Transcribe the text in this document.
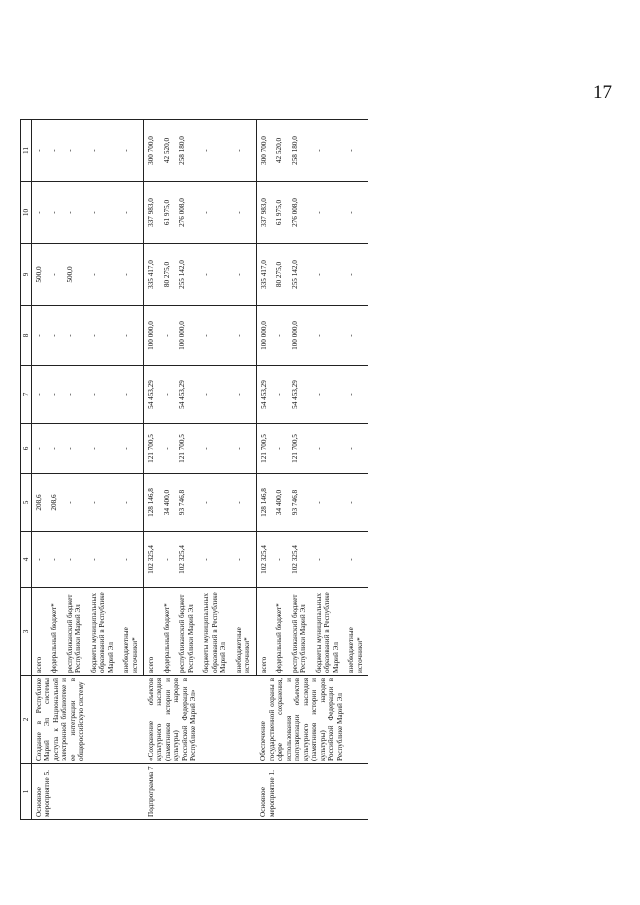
17
1	2	3	4	5	6	7	8	9	10	11
Основное мероприятие 5.	Создание в Республике Марий Эл системы доступа к Национальной электронной библиотеке и ее интеграции в общероссийскую систему	всего	-	208,6	-	-	-	500,0	-	-
		федеральный бюджет*	-	208,6	-	-	-	-	-	-
		республиканский бюджет Республики Марий Эл	-	-	-	-	-	500,0	-	-
		бюджеты муниципальных образований в Республике Марий Эл	-	-	-	-	-	-	-	-
		внебюджетные источники*	-	-	-	-	-	-	-	-
Подпрограмма 7	«Сохранение объектов культурного наследия (памятников истории и культуры) народов Российской Федерации в Республике Марий Эл»	всего	102 325,4	128 146,8	121 700,5	54 453,29	100 000,0	335 417,0	337 983,0	300 700,0
		федеральный бюджет*	-	34 400,0	-	-	-	80 275,0	61 975,0	42 520,0
		республиканский бюджет Республики Марий Эл	102 325,4	93 746,8	121 700,5	54 453,29	100 000,0	255 142,0	276 008,0	258 180,0
		бюджеты муниципальных образований в Республике Марий Эл	-	-	-	-	-	-	-	-
		внебюджетные источники*	-	-	-	-	-	-	-	-
Основное мероприятие 1.	Обеспечение государственной охраны в сфере сохранения, использования и популяризации объектов культурного наследия (памятников истории и культуры) народов Российской Федерации в Республике Марий Эл	всего	102 325,4	128 146,8	121 700,5	54 453,29	100 000,0	335 417,0	337 983,0	300 700,0
		федеральный бюджет*	-	34 400,0	-	-	-	80 275,0	61 975,0	42 520,0
		республиканский бюджет Республики Марий Эл	102 325,4	93 746,8	121 700,5	54 453,29	100 000,0	255 142,0	276 008,0	258 180,0
		бюджеты муниципальных образований в Республике Марий Эл	-	-	-	-	-	-	-	-
		внебюджетные источники*	-	-	-	-	-	-	-	-
